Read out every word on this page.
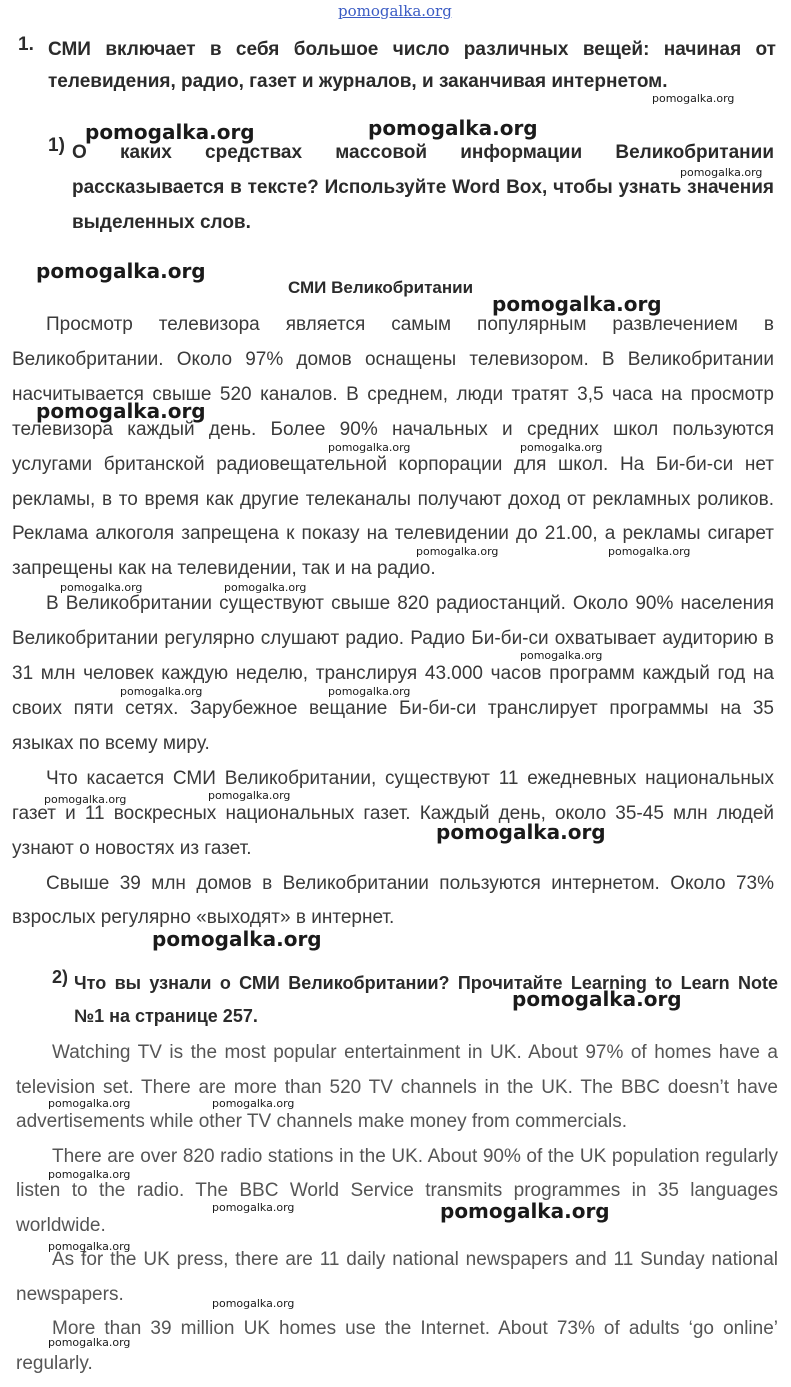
pomogalka.org
1. СМИ включает в себя большое число различных вещей: начиная от телевидения, радио, газет и журналов, и заканчивая интернетом.
1) О каких средствах массовой информации Великобритании
рассказывается в тексте? Используйте Word Box, чтобы узнать значения выделенных слов.
СМИ Великобритании

Просмотр телевизора является самым популярным развлечением в Великобритании. Около 97% домов оснащены телевизором. В Великобритании насчитывается свыше 520 каналов. В среднем, люди тратят 3,5 часа на просмотр телевизора каждый день. Более 90% начальных и средних школ пользуются услугами британской радиовещательной корпорации для школ. На Би-би-си нет рекламы, в то время как другие телеканалы получают доход от рекламных роликов. Реклама алкоголя запрещена к показу на телевидении до 21.00, а рекламы сигарет запрещены как на телевидении, так и на радио.

В Великобритании существуют свыше 820 радиостанций. Около 90% населения Великобритании регулярно слушают радио. Радио Би-би-си охватывает аудиторию в 31 млн человек каждую неделю, транслируя 43.000 часов программ каждый год на своих пяти сетях. Зарубежное вещание Би-би-си транслирует программы на 35 языках по всему миру.

Что касается СМИ Великобритании, существуют 11 ежедневных национальных газет и 11 воскресных национальных газет. Каждый день, около 35-45 млн людей узнают о новостях из газет.

Свыше 39 млн домов в Великобритании пользуются интернетом. Около 73% взрослых регулярно «выходят» в интернет.

2) Что вы узнали о СМИ Великобритании? Прочитайте Learning to Learn Note №1 на странице 257.

Watching TV is the most popular entertainment in UK. About 97% of homes have a television set. There are more than 520 TV channels in the UK. The BBC doesn’t have advertisements while other TV channels make money from commercials.

There are over 820 radio stations in the UK. About 90% of the UK population regularly listen to the radio. The BBC World Service transmits programmes in 35 languages worldwide.

As for the UK press, there are 11 daily national newspapers and 11 Sunday national newspapers.

More than 39 million UK homes use the Internet. About 73% of adults ‘go online’ regularly.

pomogalka.org
pomogalka.org	pomogalka.org
pomogalka.org
pomogalka.org
pomogalka.org
pomogalka.org
pomogalka.org	pomogalka.org
pomogalka.org	pomogalka.org
pomogalka.org	pomogalka.org
pomogalka.org
pomogalka.org	pomogalka.org
pomogalka.org	pomogalka.org
pomogalka.org
pomogalka.org
pomogalka.org
pomogalka.org	pomogalka.org
pomogalka.org
pomogalka.org	pomogalka.org
pomogalka.org
pomogalka.org
pomogalka.org
